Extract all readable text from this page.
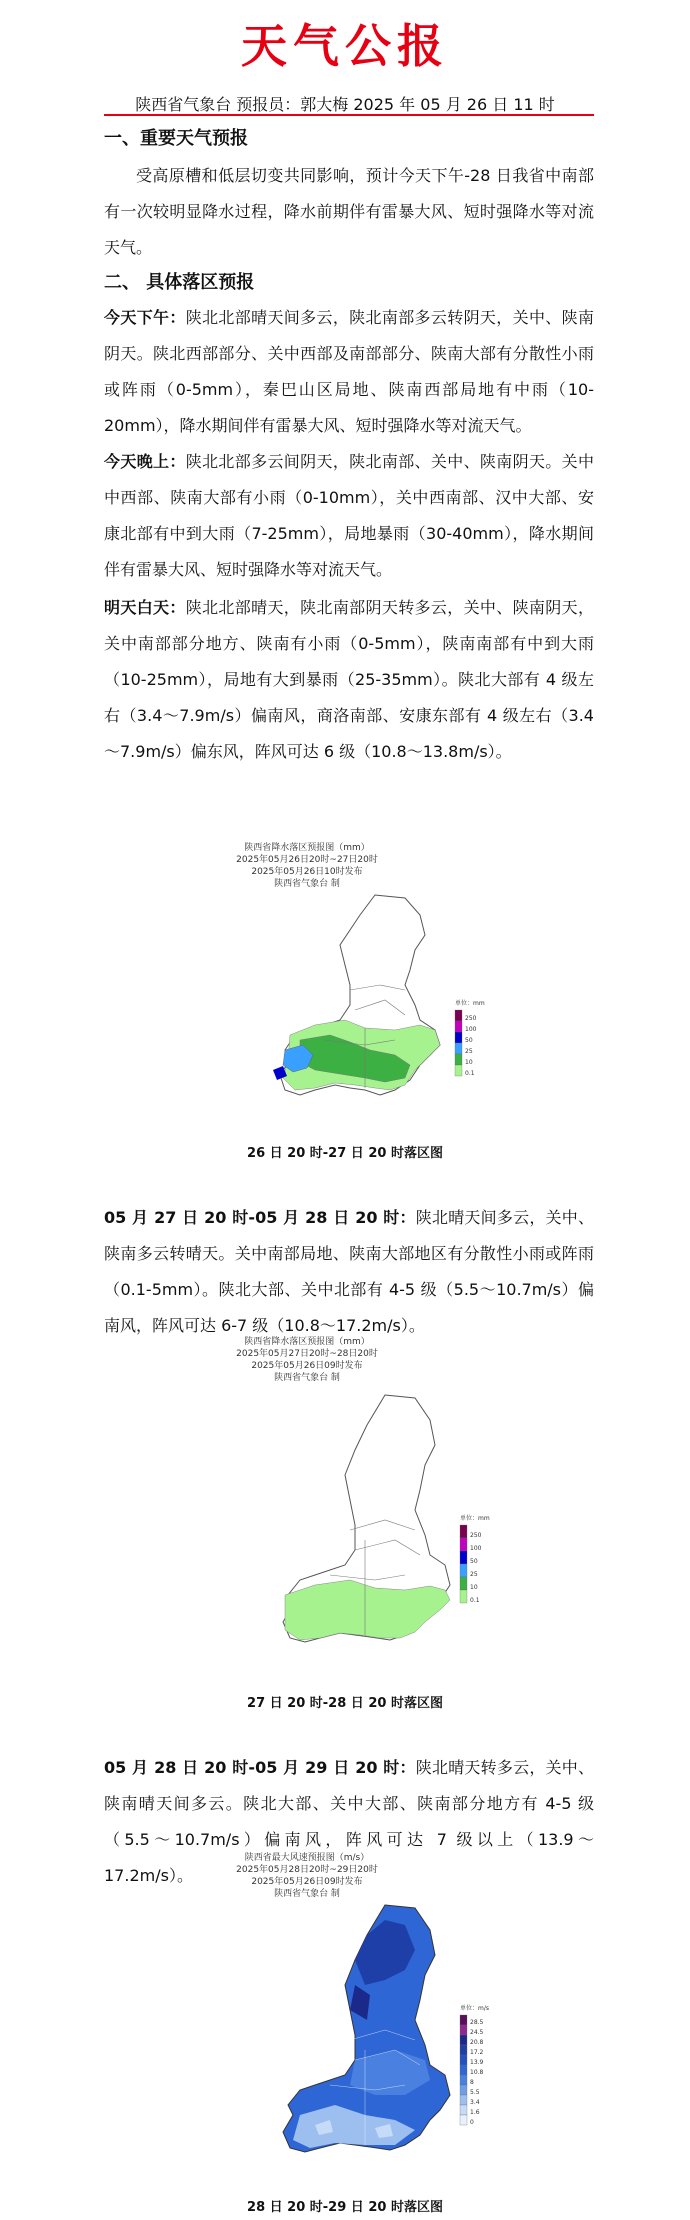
天气公报
陕西省气象台 预报员：郭大梅 2025 年 05 月 26 日 11 时
一、重要天气预报
受高原槽和低层切变共同影响，预计今天下午-28 日我省中南部有一次较明显降水过程，降水前期伴有雷暴大风、短时强降水等对流天气。
二、 具体落区预报
今天下午：陕北北部晴天间多云，陕北南部多云转阴天，关中、陕南阴天。陕北西部部分、关中西部及南部部分、陕南大部有分散性小雨或阵雨（0-5mm），秦巴山区局地、陕南西部局地有中雨（10-20mm），降水期间伴有雷暴大风、短时强降水等对流天气。
今天晚上：陕北北部多云间阴天，陕北南部、关中、陕南阴天。关中中西部、陕南大部有小雨（0-10mm），关中西南部、汉中大部、安康北部有中到大雨（7-25mm），局地暴雨（30-40mm），降水期间伴有雷暴大风、短时强降水等对流天气。
明天白天：陕北北部晴天，陕北南部阴天转多云，关中、陕南阴天，关中南部部分地方、陕南有小雨（0-5mm），陕南南部有中到大雨（10-25mm），局地有大到暴雨（25-35mm）。陕北大部有 4 级左右（3.4～7.9m/s）偏南风，商洛南部、安康东部有 4 级左右（3.4～7.9m/s）偏东风，阵风可达 6 级（10.8～13.8m/s）。
陕西省降水落区预报图（mm）
2025年05月26日20时~27日20时
2025年05月26日10时发布
陕西省气象台 制
单位：mm
250
100
50
25
10
0.1
26 日 20 时-27 日 20 时落区图
05 月 27 日 20 时-05 月 28 日 20 时：陕北晴天间多云，关中、陕南多云转晴天。关中南部局地、陕南大部地区有分散性小雨或阵雨（0.1-5mm）。陕北大部、关中北部有 4-5 级（5.5～10.7m/s）偏南风，阵风可达 6-7 级（10.8～17.2m/s）。
陕西省降水落区预报图（mm）
2025年05月27日20时~28日20时
2025年05月26日09时发布
陕西省气象台 制
单位：mm
250
100
50
25
10
0.1
27 日 20 时-28 日 20 时落区图
05 月 28 日 20 时-05 月 29 日 20 时：陕北晴天转多云，关中、陕南晴天间多云。陕北大部、关中大部、陕南部分地方有 4-5 级（5.5～10.7m/s）偏南风，阵风可达 7 级以上（13.9～17.2m/s）。
陕西省最大风速预报图（m/s）
2025年05月28日20时~29日20时
2025年05月26日09时发布
陕西省气象台 制
单位：m/s
28.5
24.5
20.8
17.2
13.9
10.8
8
5.5
3.4
1.6
0
28 日 20 时-29 日 20 时落区图
